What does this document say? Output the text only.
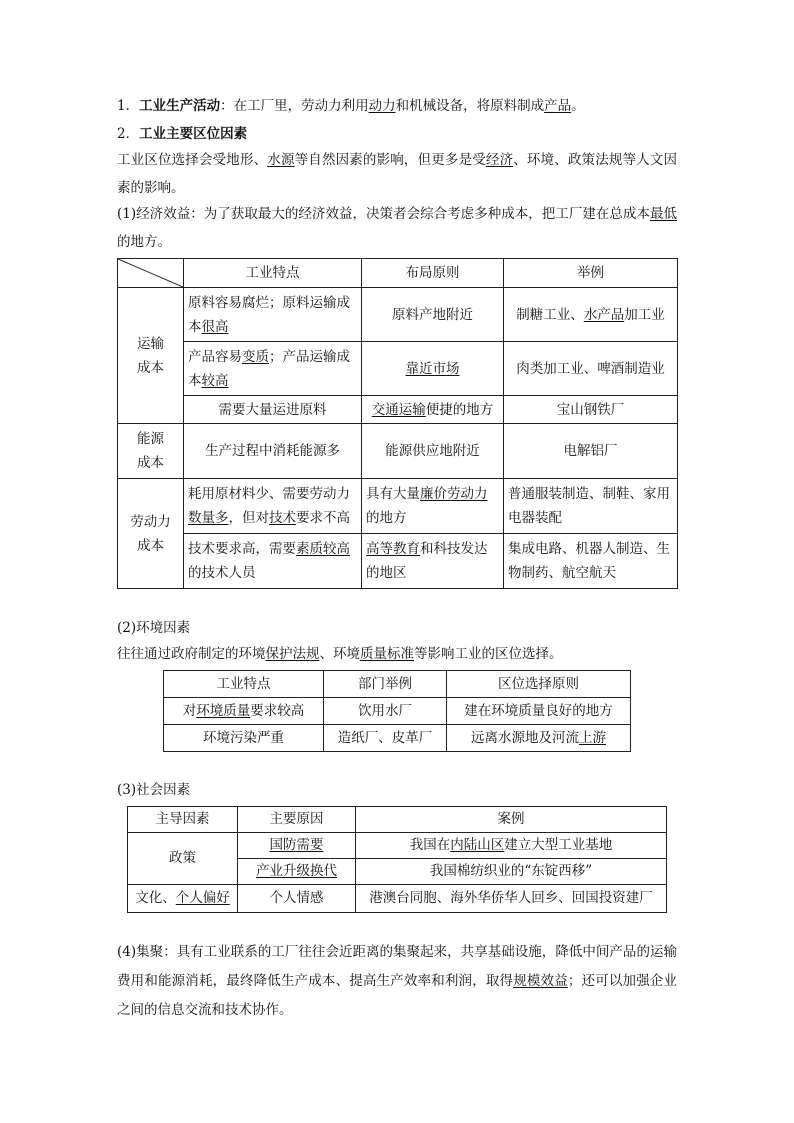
1．工业生产活动：在工厂里，劳动力利用动力和机械设备，将原料制成产品。
2．工业主要区位因素
工业区位选择会受地形、水源等自然因素的影响，但更多是受经济、环境、政策法规等人文因素的影响。
(1)经济效益：为了获取最大的经济效益，决策者会综合考虑多种成本，把工厂建在总成本最低的地方。
	工业特点	布局原则	举例
运输成本	原料容易腐烂；原料运输成本很高	原料产地附近	制糖工业、水产品加工业
	产品容易变质；产品运输成本较高	靠近市场	肉类加工业、啤酒制造业
	需要大量运进原料	交通运输便捷的地方	宝山钢铁厂
能源成本	生产过程中消耗能源多	能源供应地附近	电解铝厂
劳动力成本	耗用原材料少、需要劳动力数量多，但对技术要求不高	具有大量廉价劳动力的地方	普通服装制造、制鞋、家用电器装配
	技术要求高，需要素质较高的技术人员	高等教育和科技发达的地区	集成电路、机器人制造、生物制药、航空航天
(2)环境因素
往往通过政府制定的环境保护法规、环境质量标准等影响工业的区位选择。
工业特点	部门举例	区位选择原则
对环境质量要求较高	饮用水厂	建在环境质量良好的地方
环境污染严重	造纸厂、皮革厂	远离水源地及河流上游
(3)社会因素
主导因素	主要原因	案例
政策	国防需要	我国在内陆山区建立大型工业基地
	产业升级换代	我国棉纺织业的“东锭西移”
文化、个人偏好	个人情感	港澳台同胞、海外华侨华人回乡、回国投资建厂
(4)集聚：具有工业联系的工厂往往会近距离的集聚起来，共享基础设施，降低中间产品的运输费用和能源消耗，最终降低生产成本、提高生产效率和利润，取得规模效益；还可以加强企业之间的信息交流和技术协作。
